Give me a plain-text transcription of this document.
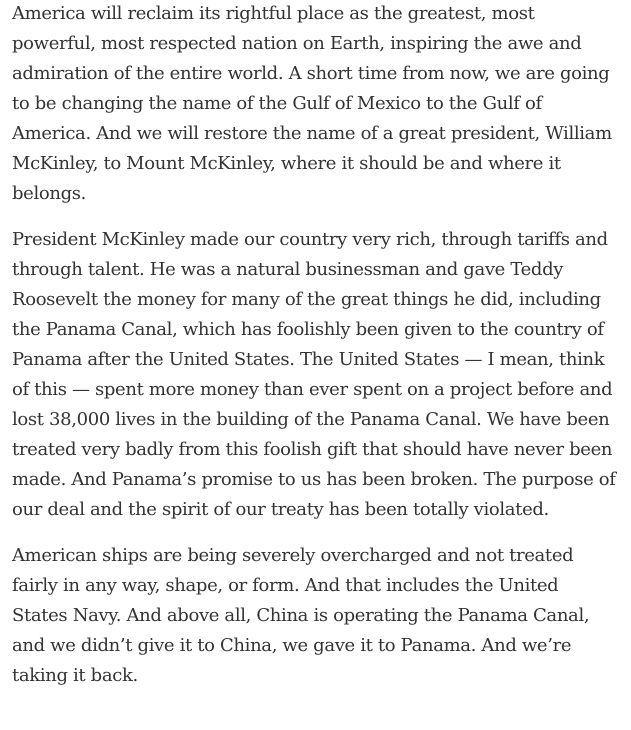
America will reclaim its rightful place as the greatest, most powerful, most respected nation on Earth, inspiring the awe and admiration of the entire world. A short time from now, we are going to be changing the name of the Gulf of Mexico to the Gulf of America. And we will restore the name of a great president, William McKinley, to Mount McKinley, where it should be and where it belongs.

President McKinley made our country very rich, through tariffs and through talent. He was a natural businessman and gave Teddy Roosevelt the money for many of the great things he did, including the Panama Canal, which has foolishly been given to the country of Panama after the United States. The United States — I mean, think of this — spent more money than ever spent on a project before and lost 38,000 lives in the building of the Panama Canal. We have been treated very badly from this foolish gift that should have never been made. And Panama’s promise to us has been broken. The purpose of our deal and the spirit of our treaty has been totally violated.

American ships are being severely overcharged and not treated fairly in any way, shape, or form. And that includes the United States Navy. And above all, China is operating the Panama Canal, and we didn’t give it to China, we gave it to Panama. And we’re taking it back.
